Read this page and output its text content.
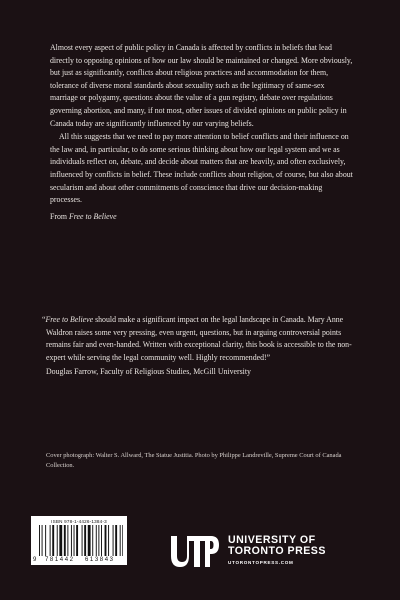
Almost every aspect of public policy in Canada is affected by conflicts in beliefs that lead directly to opposing opinions of how our law should be maintained or changed. More obviously, but just as significantly, conflicts about religious practices and accommodation for them, tolerance of diverse moral standards about sexuality such as the legitimacy of same-sex marriage or polygamy, questions about the value of a gun registry, debate over regulations governing abortion, and many, if not most, other issues of divided opinions on public policy in Canada today are significantly influenced by our varying beliefs.

All this suggests that we need to pay more attention to belief conflicts and their influence on the law and, in particular, to do some serious thinking about how our legal system and we as individuals reflect on, debate, and decide about matters that are heavily, and often exclusively, influenced by conflicts in belief. These include conflicts about religion, of course, but also about secularism and about other commitments of conscience that drive our decision-making processes.

From Free to Believe
“Free to Believe should make a significant impact on the legal landscape in Canada. Mary Anne Waldron raises some very pressing, even urgent, questions, but in arguing controversial points remains fair and even-handed. Written with exceptional clarity, this book is accessible to the non-expert while serving the legal community well. Highly recommended!”
Douglas Farrow, Faculty of Religious Studies, McGill University
Cover photograph: Walter S. Allward, The Statue Justitia. Photo by Philippe Landreville, Supreme Court of Canada Collection.
ISBN 978-1-4426-1384-3
9 781442 613843
UNIVERSITY OF
TORONTO PRESS
UTORONTOPRESS.COM
